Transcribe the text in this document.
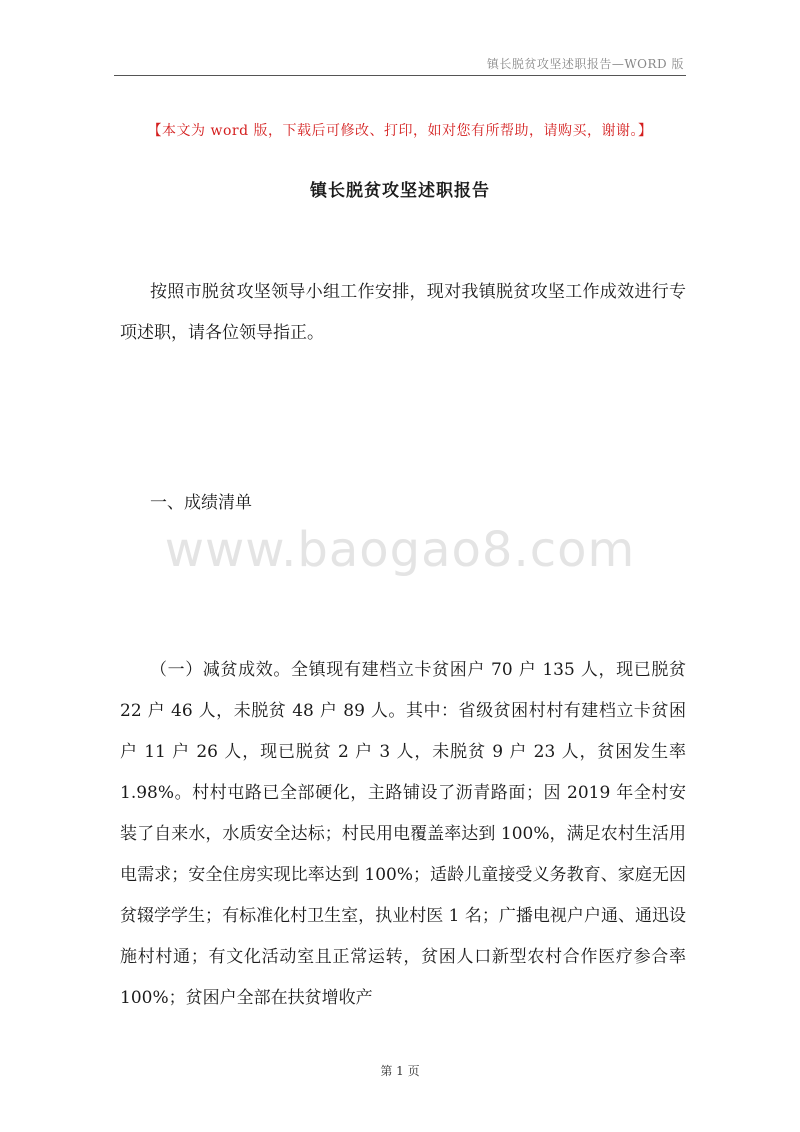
镇长脱贫攻坚述职报告—WORD 版
【本文为 word 版，下载后可修改、打印，如对您有所帮助，请购买，谢谢。】
镇长脱贫攻坚述职报告

按照市脱贫攻坚领导小组工作安排，现对我镇脱贫攻坚工作成效进行专项述职，请各位领导指正。

一、成绩清单
www.baogao8.com

（一）减贫成效。全镇现有建档立卡贫困户 70 户 135 人，现已脱贫 22 户 46 人，未脱贫 48 户 89 人。其中：省级贫困村村有建档立卡贫困户 11 户 26 人，现已脱贫 2 户 3 人，未脱贫 9 户 23 人，贫困发生率 1.98%。村村屯路已全部硬化，主路铺设了沥青路面；因 2019 年全村安装了自来水，水质安全达标；村民用电覆盖率达到 100%，满足农村生活用电需求；安全住房实现比率达到 100%；适龄儿童接受义务教育、家庭无因贫辍学学生；有标准化村卫生室，执业村医 1 名；广播电视户户通、通迅设施村村通；有文化活动室且正常运转，贫困人口新型农村合作医疗参合率 100%；贫困户全部在扶贫增收产

第 1 页
